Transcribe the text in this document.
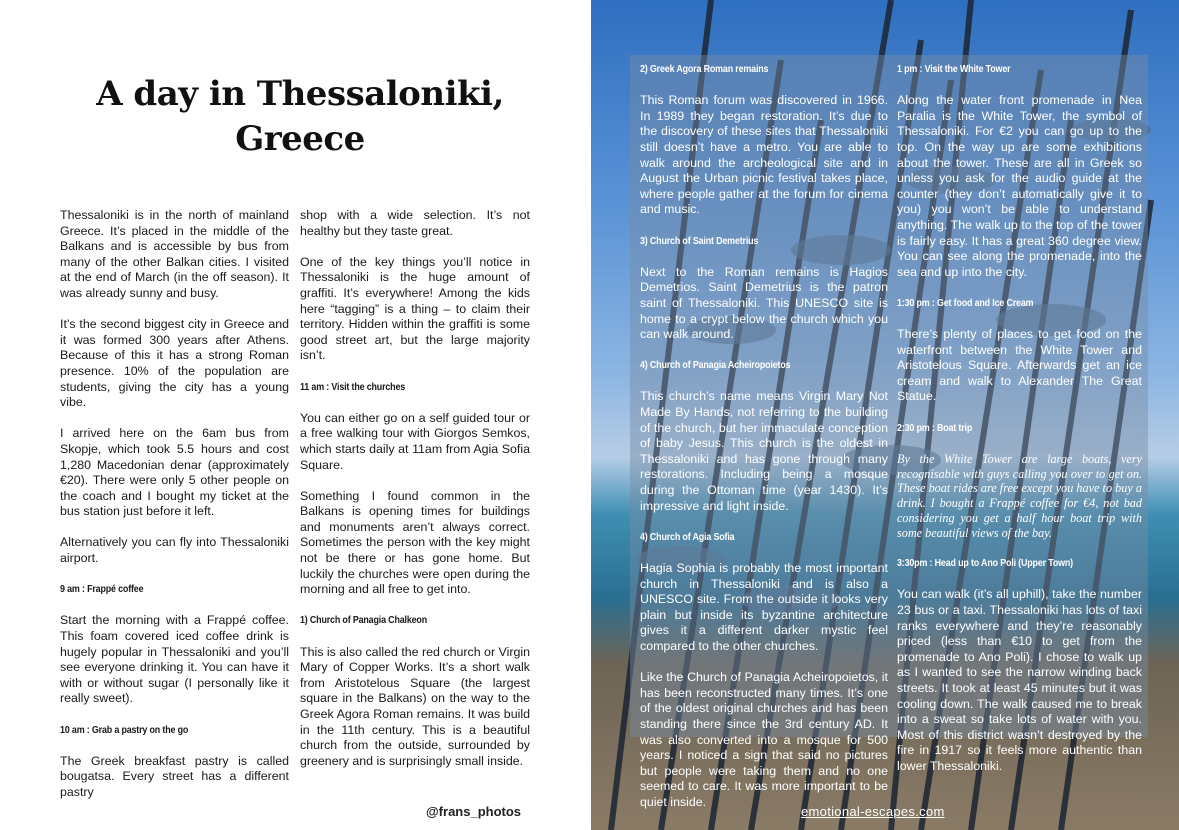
A day in Thessaloniki, Greece

Thessaloniki is in the north of mainland Greece. It’s placed in the middle of the Balkans and is accessible by bus from many of the other Balkan cities. I visited at the end of March (in the off season). It was already sunny and busy.

It’s the second biggest city in Greece and it was formed 300 years after Athens. Because of this it has a strong Roman presence. 10% of the population are students, giving the city has a young vibe.

I arrived here on the 6am bus from Skopje, which took 5.5 hours and cost 1,280 Macedonian denar (approximately €20). There were only 5 other people on the coach and I bought my ticket at the bus station just before it left.

Alternatively you can fly into Thessaloniki airport.

9 am : Frappé coffee

Start the morning with a Frappé coffee. This foam covered iced coffee drink is hugely popular in Thessaloniki and you’ll see everyone drinking it. You can have it with or without sugar (I personally like it really sweet).

10 am : Grab a pastry on the go

The Greek breakfast pastry is called bougatsa. Every street has a different pastry

shop with a wide selection. It’s not healthy but they taste great.

One of the key things you’ll notice in Thessaloniki is the huge amount of graffiti. It’s everywhere! Among the kids here “tagging” is a thing – to claim their territory. Hidden within the graffiti is some good street art, but the large majority isn’t.

11 am : Visit the churches

You can either go on a self guided tour or a free walking tour with Giorgos Semkos, which starts daily at 11am from Agia Sofia Square.

Something I found common in the Balkans is opening times for buildings and monuments aren’t always correct. Sometimes the person with the key might not be there or has gone home. But luckily the churches were open during the morning and all free to get into.

1) Church of Panagia Chalkeon

This is also called the red church or Virgin Mary of Copper Works. It’s a short walk from Aristotelous Square (the largest square in the Balkans) on the way to the Greek Agora Roman remains. It was build in the 11th century. This is a beautiful church from the outside, surrounded by greenery and is surprisingly small inside.

@frans_photos
2) Greek Agora Roman remains

This Roman forum was discovered in 1966. In 1989 they began restoration. It’s due to the discovery of these sites that Thessaloniki still doesn’t have a metro. You are able to walk around the archeological site and in August the Urban picnic festival takes place, where people gather at the forum for cinema and music.

3) Church of Saint Demetrius

Next to the Roman remains is Hagios Demetrios. Saint Demetrius is the patron saint of Thessaloniki. This UNESCO site is home to a crypt below the church which you can walk around.

4) Church of Panagia Acheiropoietos

This church’s name means Virgin Mary Not Made By Hands, not referring to the building of the church, but her immaculate conception of baby Jesus. This church is the oldest in Thessaloniki and has gone through many restorations. Including being a mosque during the Ottoman time (year 1430). It’s impressive and light inside.

4) Church of Agia Sofia

Hagia Sophia is probably the most important church in Thessaloniki and is also a UNESCO site. From the outside it looks very plain but inside its byzantine architecture gives it a different darker mystic feel compared to the other churches.

Like the Church of Panagia Acheiropoietos, it has been reconstructed many times. It’s one of the oldest original churches and has been standing there since the 3rd century AD. It was also converted into a mosque for 500 years. I noticed a sign that said no pictures but people were taking them and no one seemed to care. It was more important to be quiet inside.

1 pm : Visit the White Tower

Along the water front promenade in Nea Paralia is the White Tower, the symbol of Thessaloniki. For €2 you can go up to the top. On the way up are some exhibitions about the tower. These are all in Greek so unless you ask for the audio guide at the counter (they don’t automatically give it to you) you won’t be able to understand anything. The walk up to the top of the tower is fairly easy. It has a great 360 degree view. You can see along the promenade, into the sea and up into the city.

1:30 pm : Get food and Ice Cream

There’s plenty of places to get food on the waterfront between the White Tower and Aristotelous Square. Afterwards get an ice cream and walk to Alexander The Great Statue.

2:30 pm : Boat trip

By the White Tower are large boats, very recognisable with guys calling you over to get on. These boat rides are free except you have to buy a drink. I bought a Frappé coffee for €4, not bad considering you get a half hour boat trip with some beautiful views of the bay.

3:30pm : Head up to Ano Poli (Upper Town)

You can walk (it’s all uphill), take the number 23 bus or a taxi. Thessaloniki has lots of taxi ranks everywhere and they’re reasonably priced (less than €10 to get from the promenade to Ano Poli). I chose to walk up as I wanted to see the narrow winding back streets. It took at least 45 minutes but it was cooling down. The walk caused me to break into a sweat so take lots of water with you. Most of this district wasn’t destroyed by the fire in 1917 so it feels more authentic than lower Thessaloniki.

emotional-escapes.com
